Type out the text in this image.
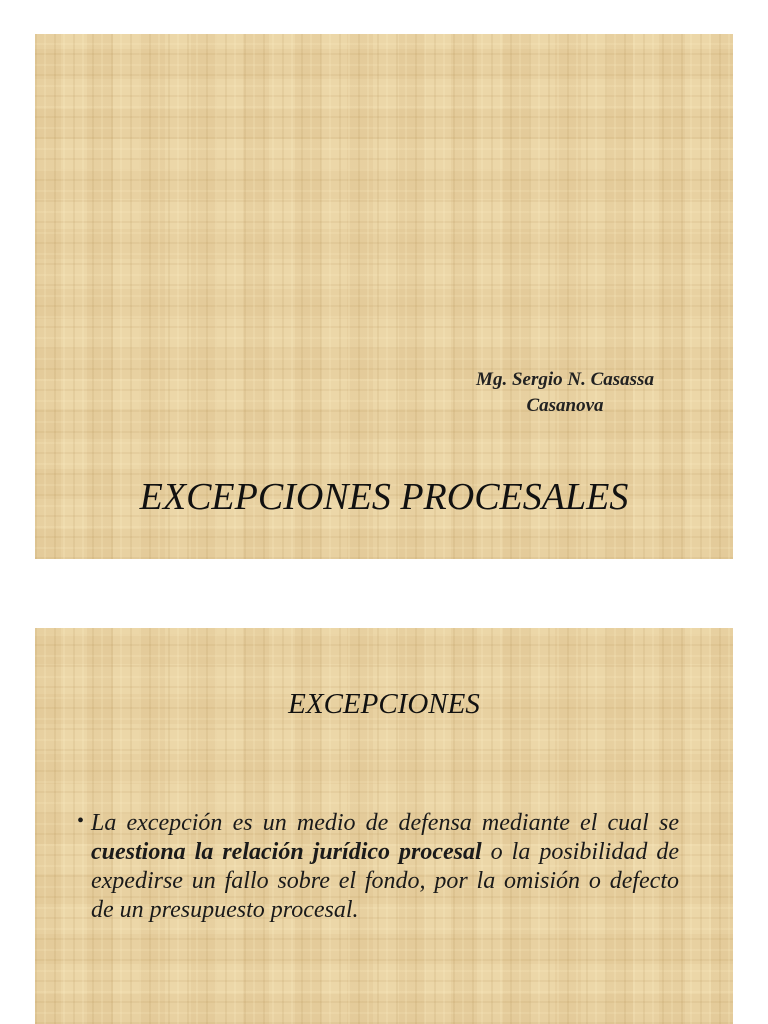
Mg. Sergio N. Casassa
Casanova
EXCEPCIONES PROCESALES
EXCEPCIONES
• La excepción es un medio de defensa mediante el cual se cuestiona la relación jurídico procesal o la posibilidad de expedirse un fallo sobre el fondo, por la omisión o defecto de un presupuesto procesal.
